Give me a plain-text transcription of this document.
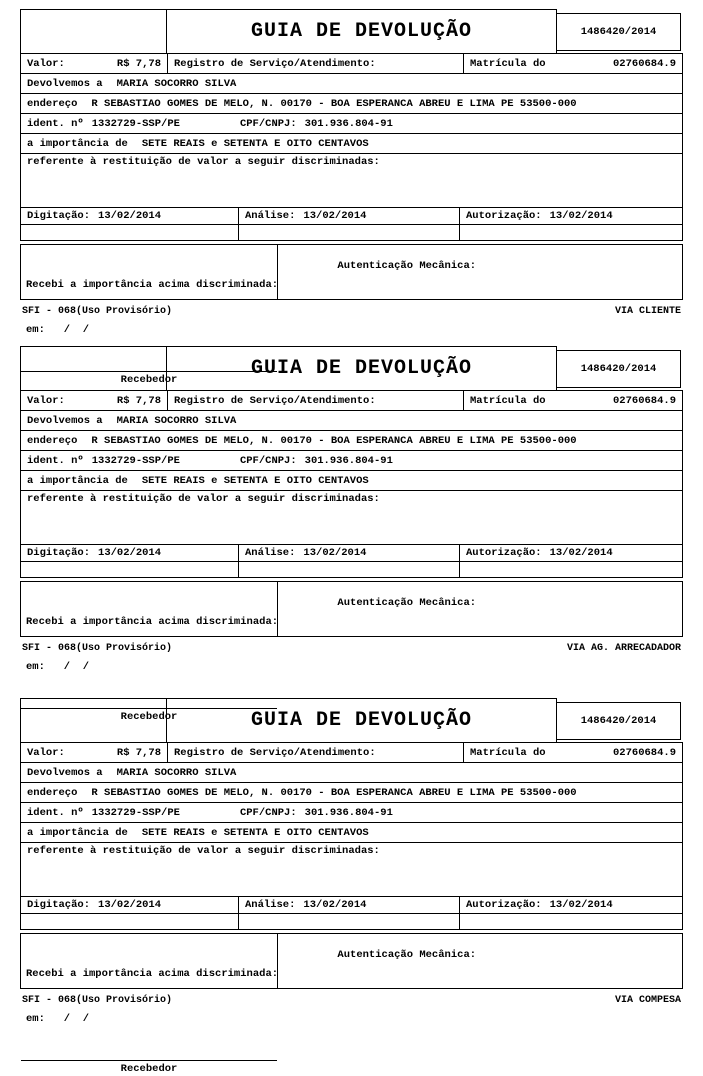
GUIA DE DEVOLUÇÃO	1486420/2014
Valor:	R$ 7,78 Registro de Serviço/Atendimento:	Matrícula do	02760684.9
Devolvemos a MARIA SOCORRO SILVA
endereço R SEBASTIAO GOMES DE MELO, N. 00170 - BOA ESPERANCA ABREU E LIMA PE 53500-000
ident. nº 1332729-SSP/PE	CPF/CNPJ: 301.936.804-91
a importância de SETE REAIS e SETENTA E OITO CENTAVOS
referente à restituição de valor a seguir discriminadas:
Digitação: 13/02/2014	Análise: 13/02/2014	Autorização: 13/02/2014

Recebi a importância acima discriminada:

em:   /  /

Recebedor

Autenticação Mecânica:

SFI - 068(Uso Provisório)	VIA CLIENTE
GUIA DE DEVOLUÇÃO	1486420/2014
Valor:	R$ 7,78 Registro de Serviço/Atendimento:	Matrícula do	02760684.9
Devolvemos a MARIA SOCORRO SILVA
endereço R SEBASTIAO GOMES DE MELO, N. 00170 - BOA ESPERANCA ABREU E LIMA PE 53500-000
ident. nº 1332729-SSP/PE	CPF/CNPJ: 301.936.804-91
a importância de SETE REAIS e SETENTA E OITO CENTAVOS
referente à restituição de valor a seguir discriminadas:
Digitação: 13/02/2014	Análise: 13/02/2014	Autorização: 13/02/2014

Recebi a importância acima discriminada:

em:   /  /

Recebedor

Autenticação Mecânica:

SFI - 068(Uso Provisório)	VIA AG. ARRECADADOR
GUIA DE DEVOLUÇÃO	1486420/2014
Valor:	R$ 7,78 Registro de Serviço/Atendimento:	Matrícula do	02760684.9
Devolvemos a MARIA SOCORRO SILVA
endereço R SEBASTIAO GOMES DE MELO, N. 00170 - BOA ESPERANCA ABREU E LIMA PE 53500-000
ident. nº 1332729-SSP/PE	CPF/CNPJ: 301.936.804-91
a importância de SETE REAIS e SETENTA E OITO CENTAVOS
referente à restituição de valor a seguir discriminadas:
Digitação: 13/02/2014	Análise: 13/02/2014	Autorização: 13/02/2014

Recebi a importância acima discriminada:

em:   /  /

Recebedor

Autenticação Mecânica:

SFI - 068(Uso Provisório)	VIA COMPESA
